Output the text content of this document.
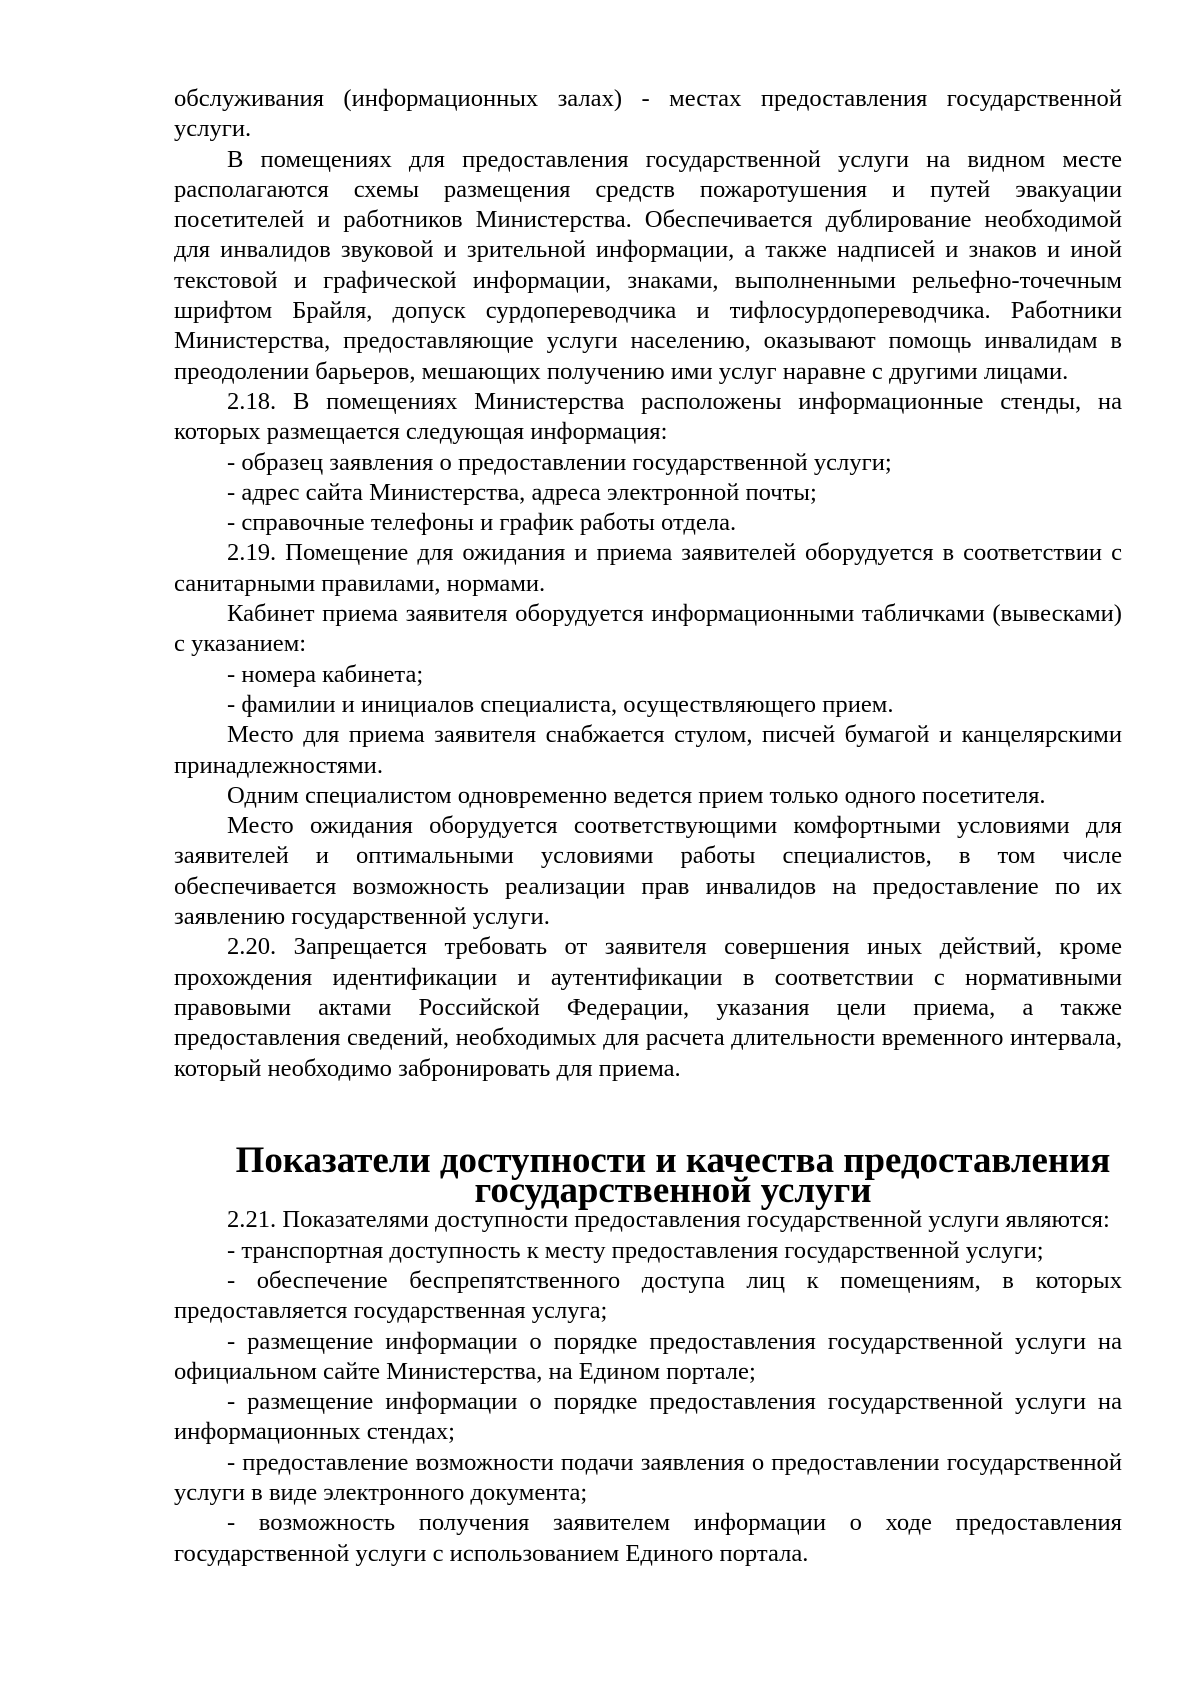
обслуживания (информационных залах) - местах предоставления государственной услуги.

В помещениях для предоставления государственной услуги на видном месте располагаются схемы размещения средств пожаротушения и путей эвакуации посетителей и работников Министерства. Обеспечивается дублирование необходимой для инвалидов звуковой и зрительной информации, а также надписей и знаков и иной текстовой и графической информации, знаками, выполненными рельефно-точечным шрифтом Брайля, допуск сурдопереводчика и тифлосурдопереводчика. Работники Министерства, предоставляющие услуги населению, оказывают помощь инвалидам в преодолении барьеров, мешающих получению ими услуг наравне с другими лицами.

2.18. В помещениях Министерства расположены информационные стенды, на которых размещается следующая информация:

- образец заявления о предоставлении государственной услуги;

- адрес сайта Министерства, адреса электронной почты;

- справочные телефоны и график работы отдела.

2.19. Помещение для ожидания и приема заявителей оборудуется в соответствии с санитарными правилами, нормами.

Кабинет приема заявителя оборудуется информационными табличками (вывесками) с указанием:

- номера кабинета;

- фамилии и инициалов специалиста, осуществляющего прием.

Место для приема заявителя снабжается стулом, писчей бумагой и канцелярскими принадлежностями.

Одним специалистом одновременно ведется прием только одного посетителя.

Место ожидания оборудуется соответствующими комфортными условиями для заявителей и оптимальными условиями работы специалистов, в том числе обеспечивается возможность реализации прав инвалидов на предоставление по их заявлению государственной услуги.

2.20. Запрещается требовать от заявителя совершения иных действий, кроме прохождения идентификации и аутентификации в соответствии с нормативными правовыми актами Российской Федерации, указания цели приема, а также предоставления сведений, необходимых для расчета длительности временного интервала, который необходимо забронировать для приема.

Показатели доступности и качества предоставления государственной услуги

2.21. Показателями доступности предоставления государственной услуги являются:

- транспортная доступность к месту предоставления государственной услуги;

- обеспечение беспрепятственного доступа лиц к помещениям, в которых предоставляется государственная услуга;

- размещение информации о порядке предоставления государственной услуги на официальном сайте Министерства, на Едином портале;

- размещение информации о порядке предоставления государственной услуги на информационных стендах;

- предоставление возможности подачи заявления о предоставлении государственной услуги в виде электронного документа;

- возможность получения заявителем информации о ходе предоставления государственной услуги с использованием Единого портала.
